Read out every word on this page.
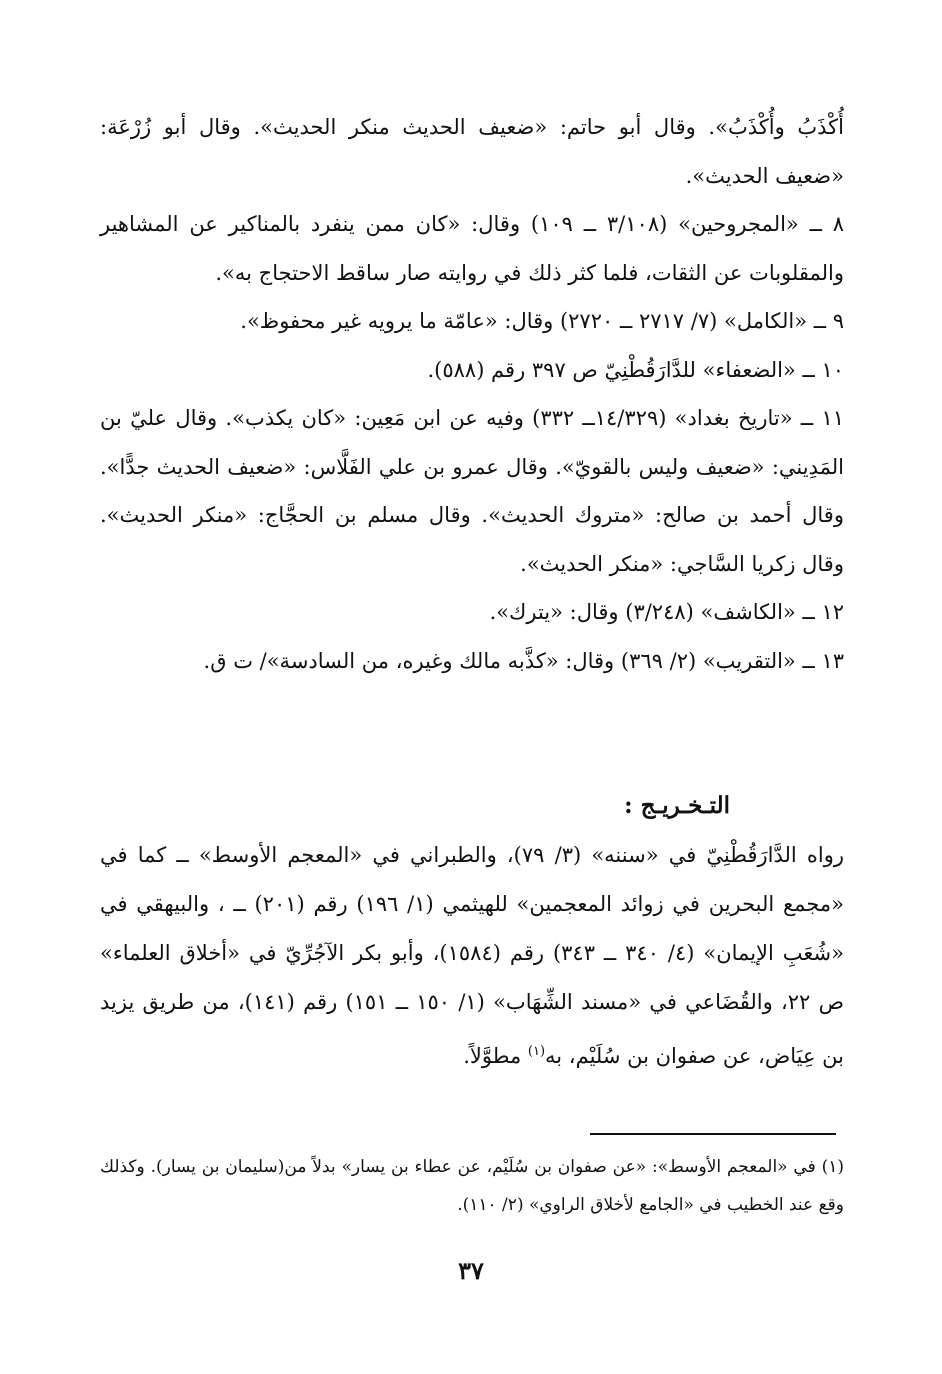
أُكْذَبُ وأُكْذَبُ». وقال أبو حاتم: «ضعيف الحديث منكر الحديث». وقال أبو زُرْعَة: «ضعيف الحديث».

٨ ــ «المجروحين» (٣/١٠٨ ــ ١٠٩) وقال: «كان ممن ينفرد بالمناكير عن المشاهير والمقلوبات عن الثقات، فلما كثر ذلك في روايته صار ساقط الاحتجاج به».

٩ ــ «الكامل» (٧/ ٢٧١٧ ــ ٢٧٢٠) وقال: «عامّة ما يرويه غير محفوظ».

١٠ ــ «الضعفاء» للدَّارَقُطْنِيّ ص ٣٩٧ رقم (٥٨٨).

١١ ــ «تاريخ بغداد» (١٤/٣٢٩ــ ٣٣٢) وفيه عن ابن مَعِين: «كان يكذب». وقال عليّ بن المَدِيني: «ضعيف وليس بالقويّ». وقال عمرو بن علي الفَلَّاس: «ضعيف الحديث جدًّا». وقال أحمد بن صالح: «متروك الحديث». وقال مسلم بن الحجَّاج: «منكر الحديث». وقال زكريا السَّاجي: «منكر الحديث».

١٢ ــ «الكاشف» (٣/٢٤٨) وقال: «يترك».

١٣ ــ «التقريب» (٢/ ٣٦٩) وقال: «كذَّبه مالك وغيره، من السادسة»/ ت ق.

التـخـريـج :

رواه الدَّارَقُطْنِيّ في «سننه» (٣/ ٧٩)، والطبراني في «المعجم الأوسط» ــ كما في «مجمع البحرين في زوائد المعجمين» للهيثمي (١/ ١٩٦) رقم (٢٠١) ــ ، والبيهقي في «شُعَبِ الإيمان» (٤/ ٣٤٠ ــ ٣٤٣) رقم (١٥٨٤)، وأبو بكر الآجُرِّيّ في «أخلاق العلماء» ص ٢٢، والقُضَاعي في «مسند الشِّهَاب» (١/ ١٥٠ ــ ١٥١) رقم (١٤١)، من طريق يزيد بن عِيَاض، عن صفوان بن سُلَيْم، به$^{(١)}$ مطوَّلاً.

(١) في «المعجم الأوسط»: «عن صفوان بن سُلَيْم، عن عطاء بن يسار» بدلاً من(سليمان بن يسار). وكذلك وقع عند الخطيب في «الجامع لأخلاق الراوي» (٢/ ١١٠).

٣٧
